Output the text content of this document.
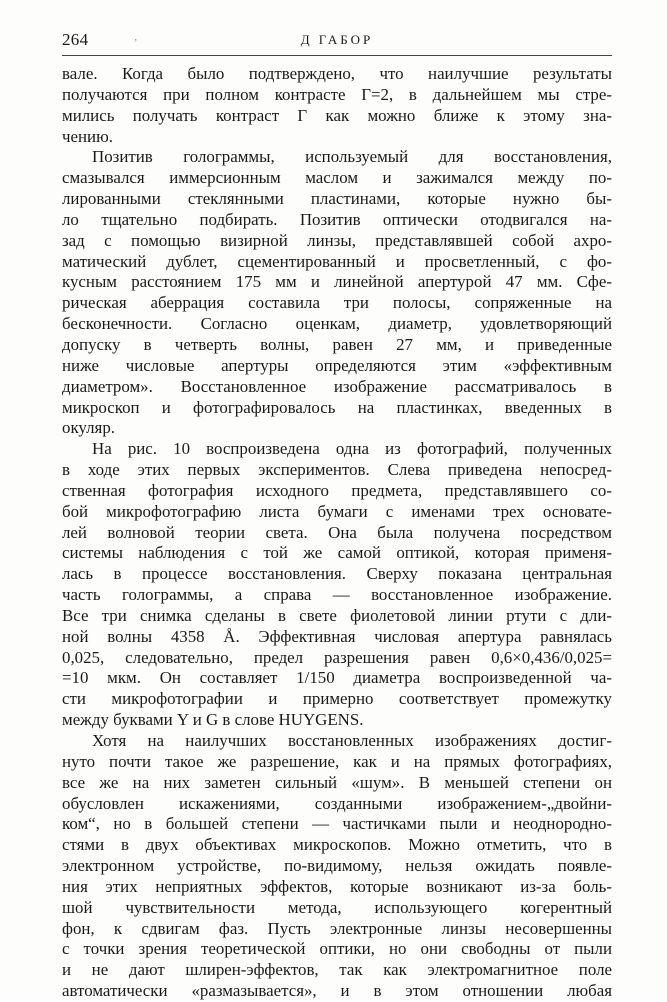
264	‚	Д ГАБОР
вале. Когда было подтверждено, что наилучшие результаты
получаются при полном контрасте Г=2, в дальнейшем мы стре-
мились получать контраст Г как можно ближе к этому зна-
чению.
Позитив голограммы, используемый для восстановления,
смазывался иммерсионным маслом и зажимался между по-
лированными стеклянными пластинами, которые нужно бы-
ло тщательно подбирать. Позитив оптически отодвигался на-
зад с помощью визирной линзы, представлявшей собой ахро-
матический дублет, сцементированный и просветленный, с фо-
кусным расстоянием 175 мм и линейной апертурой 47 мм. Сфе-
рическая аберрация составила три полосы, сопряженные на
бесконечности. Согласно оценкам, диаметр, удовлетворяющий
допуску в четверть волны, равен 27 мм, и приведенные
ниже числовые апертуры определяются этим «эффективным
диаметром». Восстановленное изображение рассматривалось в
микроскоп и фотографировалось на пластинках, введенных в
окуляр.
На рис. 10 воспроизведена одна из фотографий, полученных
в ходе этих первых экспериментов. Слева приведена непосред-
ственная фотография исходного предмета, представлявшего со-
бой микрофотографию листа бумаги с именами трех основате-
лей волновой теории света. Она была получена посредством
системы наблюдения с той же самой оптикой, которая применя-
лась в процессе восстановления. Сверху показана центральная
часть голограммы, а справа — восстановленное изображение.
Все три снимка сделаны в свете фиолетовой линии ртути с дли-
ной волны 4358 Å. Эффективная числовая апертура равнялась
0,025, следовательно, предел разрешения равен 0,6×0,436/0,025=
=10 мкм. Он составляет 1/150 диаметра воспроизведенной ча-
сти микрофотографии и примерно соответствует промежутку
между буквами Y и G в слове HUYGENS.
Хотя на наилучших восстановленных изображениях достиг-
нуто почти такое же разрешение, как и на прямых фотографиях,
все же на них заметен сильный «шум». В меньшей степени он
обусловлен искажениями, созданными изображением-„двойни-
ком“, но в большей степени — частичками пыли и неоднороднo-
стями в двух объективах микроскопов. Можно отметить, что в
электронном устройстве, по-видимому, нельзя ожидать появле-
ния этих неприятных эффектов, которые возникают из-за боль-
шой чувствительности метода, использующего когерентный
фон, к сдвигам фаз. Пусть электронные линзы несовершенны
с точки зрения теоретической оптики, но они свободны от пыли
и не дают шлирен-эффектов, так как электромагнитное поле
автоматически «размазывается», и в этом отношении любая
